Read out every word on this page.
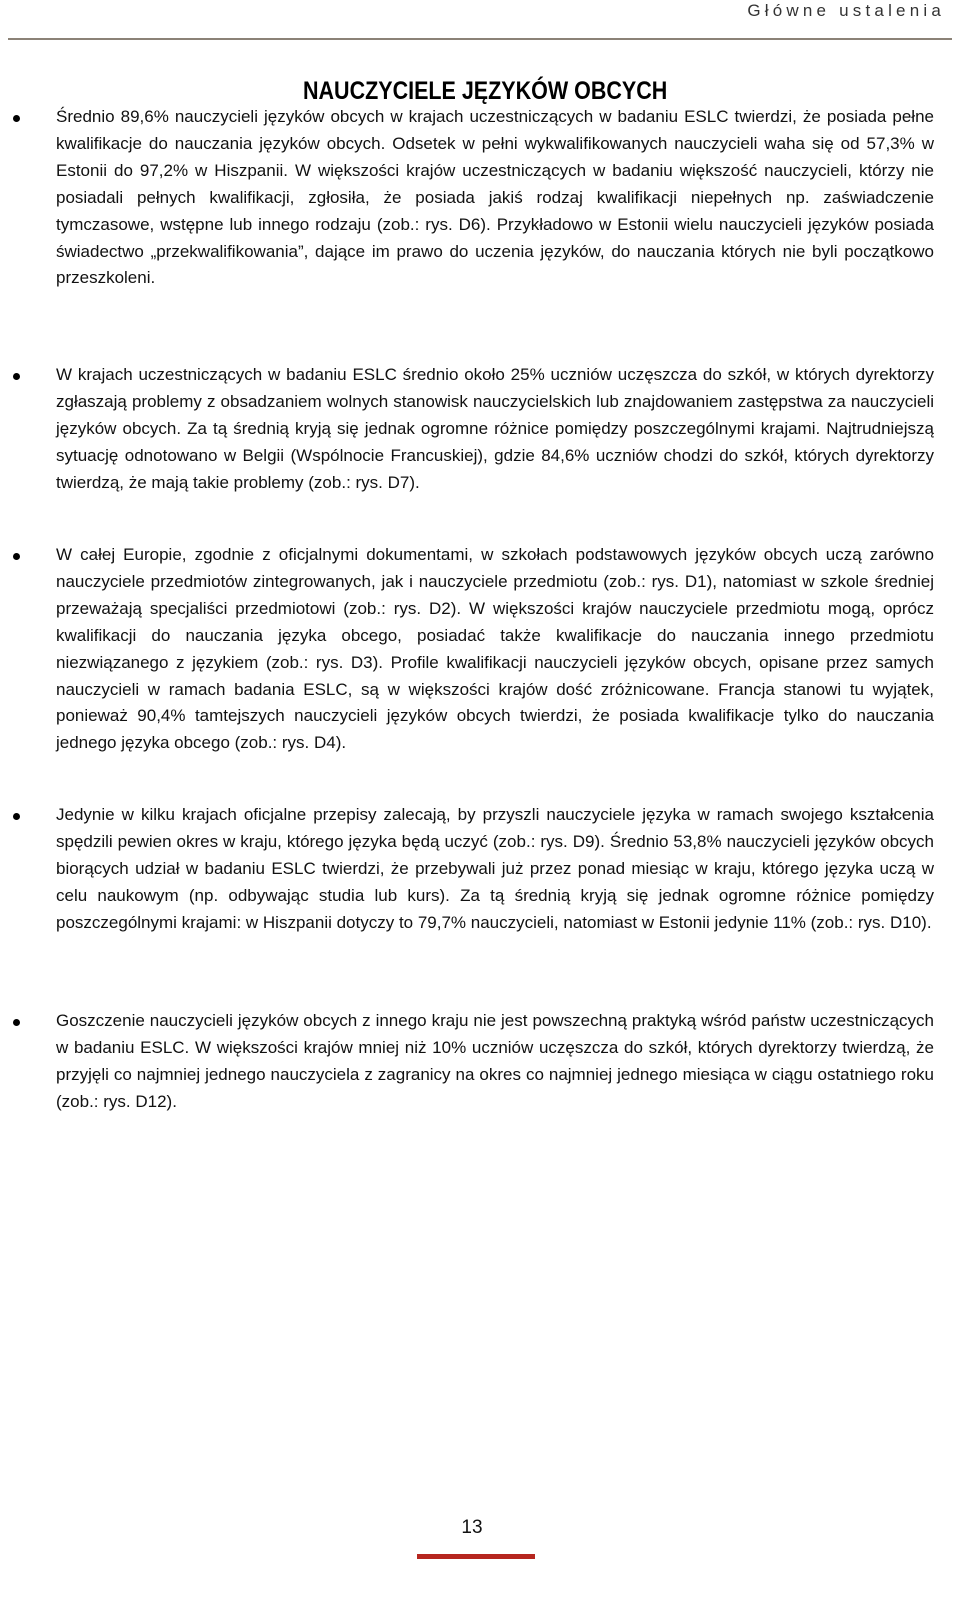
Główne ustalenia
NAUCZYCIELE JĘZYKÓW OBCYCH

Średnio 89,6% nauczycieli języków obcych w krajach uczestniczących w badaniu ESLC twierdzi, że posiada pełne kwalifikacje do nauczania języków obcych. Odsetek w pełni wykwalifikowanych nauczycieli waha się od 57,3% w Estonii do 97,2% w Hiszpanii. W większości krajów uczestniczących w badaniu większość nauczycieli, którzy nie posiadali pełnych kwalifikacji, zgłosiła, że posiada jakiś rodzaj kwalifikacji niepełnych np. zaświadczenie tymczasowe, wstępne lub innego rodzaju (zob.: rys. D6). Przykładowo w Estonii wielu nauczycieli języków posiada świadectwo „przekwalifikowania”, dające im prawo do uczenia języków, do nauczania których nie byli początkowo przeszkoleni.

W krajach uczestniczących w badaniu ESLC średnio około 25% uczniów uczęszcza do szkół, w których dyrektorzy zgłaszają problemy z obsadzaniem wolnych stanowisk nauczycielskich lub znajdowaniem zastępstwa za nauczycieli języków obcych. Za tą średnią kryją się jednak ogromne różnice pomiędzy poszczególnymi krajami. Najtrudniejszą sytuację odnotowano w Belgii (Wspólnocie Francuskiej), gdzie 84,6% uczniów chodzi do szkół, których dyrektorzy twierdzą, że mają takie problemy (zob.: rys. D7).

W całej Europie, zgodnie z oficjalnymi dokumentami, w szkołach podstawowych języków obcych uczą zarówno nauczyciele przedmiotów zintegrowanych, jak i nauczyciele przedmiotu (zob.: rys. D1), natomiast w szkole średniej przeważają specjaliści przedmiotowi (zob.: rys. D2). W większości krajów nauczyciele przedmiotu mogą, oprócz kwalifikacji do nauczania języka obcego, posiadać także kwalifikacje do nauczania innego przedmiotu niezwiązanego z językiem (zob.: rys. D3). Profile kwalifikacji nauczycieli języków obcych, opisane przez samych nauczycieli w ramach badania ESLC, są w większości krajów dość zróżnicowane. Francja stanowi tu wyjątek, ponieważ 90,4% tamtejszych nauczycieli języków obcych twierdzi, że posiada kwalifikacje tylko do nauczania jednego języka obcego (zob.: rys. D4).

Jedynie w kilku krajach oficjalne przepisy zalecają, by przyszli nauczyciele języka w ramach swojego kształcenia spędzili pewien okres w kraju, którego języka będą uczyć (zob.: rys. D9). Średnio 53,8% nauczycieli języków obcych biorących udział w badaniu ESLC twierdzi, że przebywali już przez ponad miesiąc w kraju, którego języka uczą w celu naukowym (np. odbywając studia lub kurs). Za tą średnią kryją się jednak ogromne różnice pomiędzy poszczególnymi krajami: w Hiszpanii dotyczy to 79,7% nauczycieli, natomiast w Estonii jedynie 11% (zob.: rys. D10).

Goszczenie nauczycieli języków obcych z innego kraju nie jest powszechną praktyką wśród państw uczestniczących w badaniu ESLC. W większości krajów mniej niż 10% uczniów uczęszcza do szkół, których dyrektorzy twierdzą, że przyjęli co najmniej jednego nauczyciela z zagranicy na okres co najmniej jednego miesiąca w ciągu ostatniego roku (zob.: rys. D12).

13
